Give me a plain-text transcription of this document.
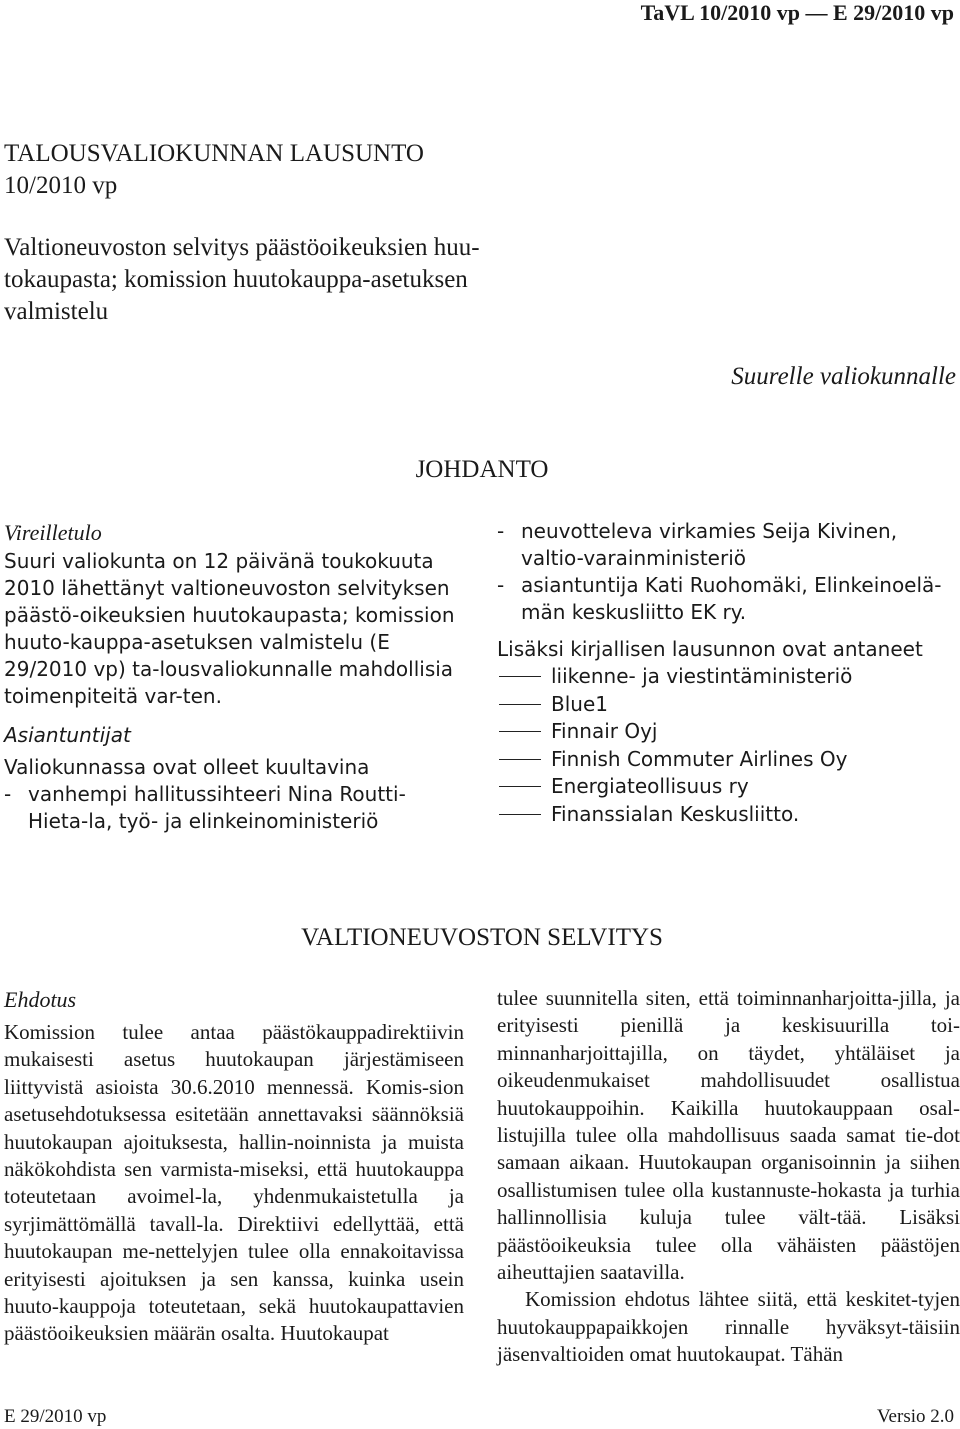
TaVL 10/2010 vp — E 29/2010 vp
TALOUSVALIOKUNNAN LAUSUNTO
10/2010 vp
Valtioneuvoston selvitys päästöoikeuksien huu-tokaupasta; komission huutokauppa-asetuksen valmistelu
Suurelle valiokunnalle
JOHDANTO

Vireilletulo

Suuri valiokunta on 12 päivänä toukokuuta 2010 lähettänyt valtioneuvoston selvityksen päästö-oikeuksien huutokaupasta; komission huuto-kauppa-asetuksen valmistelu (E 29/2010 vp) ta-lousvaliokunnalle mahdollisia toimenpiteitä var-ten.

Asiantuntijat

Valiokunnassa ovat olleet kuultavina

- vanhempi hallitussihteeri Nina Routti-Hieta-la, työ- ja elinkeinoministeriö
- neuvotteleva virkamies Seija Kivinen, valtio-varainministeriö
- asiantuntija Kati Ruohomäki, Elinkeinoelä-män keskusliitto EK ry.

Lisäksi kirjallisen lausunnon ovat antaneet

liikenne- ja viestintäministeriö
Blue1
Finnair Oyj
Finnish Commuter Airlines Oy
Energiateollisuus ry
Finanssialan Keskusliitto.
VALTIONEUVOSTON SELVITYS

Ehdotus

Komission tulee antaa päästökauppadirektiivin mukaisesti asetus huutokaupan järjestämiseen liittyvistä asioista 30.6.2010 mennessä. Komis-sion asetusehdotuksessa esitetään annettavaksi säännöksiä huutokaupan ajoituksesta, hallin-noinnista ja muista näkökohdista sen varmista-miseksi, että huutokauppa toteutetaan avoimel-la, yhdenmukaistetulla ja syrjimättömällä tavall-la. Direktiivi edellyttää, että huutokaupan me-nettelyjen tulee olla ennakoitavissa erityisesti ajoituksen ja sen kanssa, kuinka usein huuto-kauppoja toteutetaan, sekä huutokaupattavien päästöoikeuksien määrän osalta. Huutokaupat

tulee suunnitella siten, että toiminnanharjoitta-jilla, ja erityisesti pienillä ja keskisuurilla toi-minnanharjoittajilla, on täydet, yhtäläiset ja oikeudenmukaiset mahdollisuudet osallistua huutokauppoihin. Kaikilla huutokauppaan osal-listujilla tulee olla mahdollisuus saada samat tie-dot samaan aikaan. Huutokaupan organisoinnin ja siihen osallistumisen tulee olla kustannuste-hokasta ja turhia hallinnollisia kuluja tulee vält-tää. Lisäksi päästöoikeuksia tulee olla vähäisten päästöjen aiheuttajien saatavilla.

Komission ehdotus lähtee siitä, että keskitet-tyjen huutokauppapaikkojen rinnalle hyväksyt-täisiin jäsenvaltioiden omat huutokaupat. Tähän

E 29/2010 vp	Versio 2.0
